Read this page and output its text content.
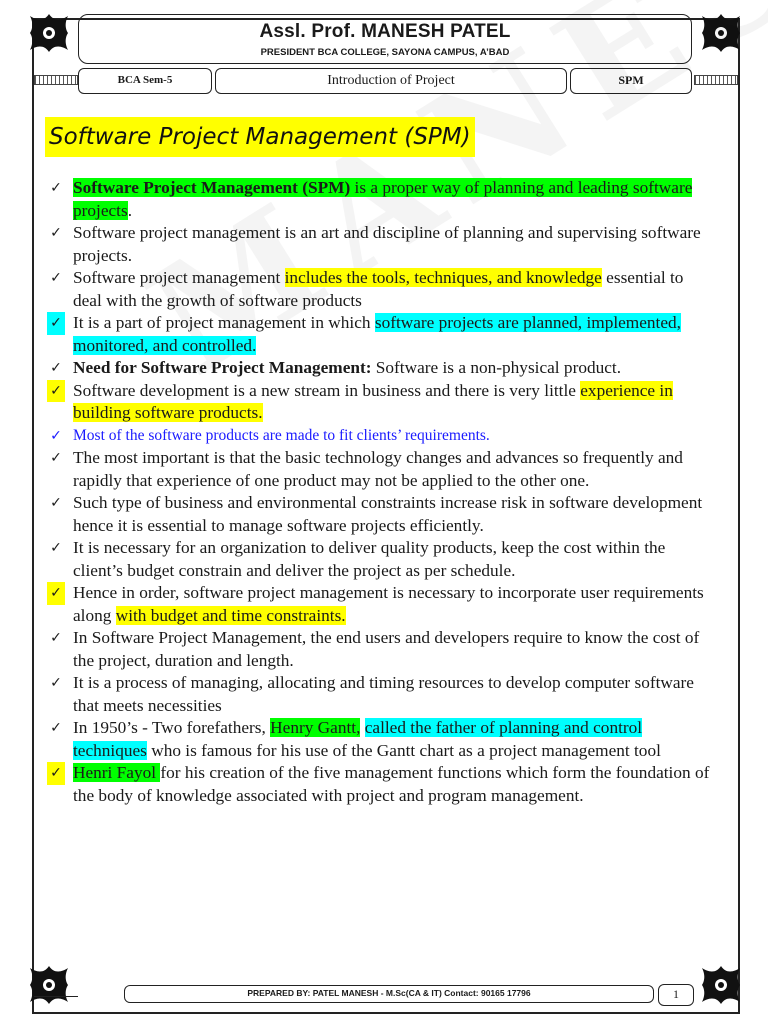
Assl. Prof. MANESH PATEL
PRESIDENT BCA COLLEGE, SAYONA CAMPUS, A’BAD
BCA Sem-5	Introduction of Project	SPM
Software Project Management (SPM)
✓ Software Project Management (SPM) is a proper way of planning and leading software projects.
✓ Software project management is an art and discipline of planning and supervising software projects.
✓ Software project management includes the tools, techniques, and knowledge essential to deal with the growth of software products
✓ It is a part of project management in which software projects are planned, implemented, monitored, and controlled.
✓ Need for Software Project Management: Software is a non-physical product.
✓ Software development is a new stream in business and there is very little experience in building software products.
✓ Most of the software products are made to fit clients’ requirements.
✓ The most important is that the basic technology changes and advances so frequently and rapidly that experience of one product may not be applied to the other one.
✓ Such type of business and environmental constraints increase risk in software development hence it is essential to manage software projects efficiently.
✓ It is necessary for an organization to deliver quality products, keep the cost within the client’s budget constrain and deliver the project as per schedule.
✓ Hence in order, software project management is necessary to incorporate user requirements along with budget and time constraints.
✓ In Software Project Management, the end users and developers require to know the cost of the project, duration and length.
✓ It is a process of managing, allocating and timing resources to develop computer software that meets necessities
✓ In 1950’s - Two forefathers, Henry Gantt, called the father of planning and control techniques who is famous for his use of the Gantt chart as a project management tool
✓ Henri Fayol for his creation of the five management functions which form the foundation of the body of knowledge associated with project and program management.
PREPARED BY: PATEL MANESH - M.Sc(CA & IT) Contact: 90165 17796	1
